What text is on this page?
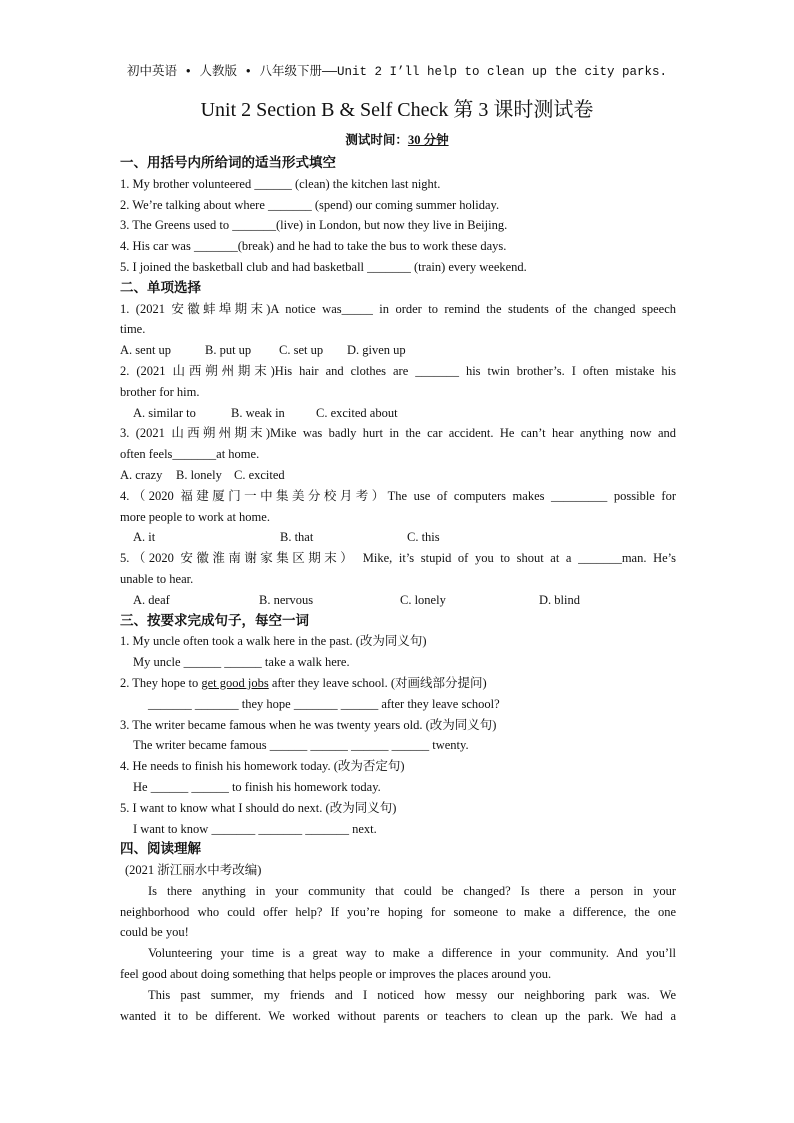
初中英语 • 人教版 • 八年级下册——Unit 2 I’ll help to clean up the city parks.
Unit 2 Section B & Self Check 第 3 课时测试卷
测试时间：30 分钟
一、用括号内所给词的适当形式填空
1. My brother volunteered ______ (clean) the kitchen last night.
2. We’re talking about where _______ (spend) our coming summer holiday.
3. The Greens used to _______(live) in London, but now they live in Beijing.
4. His car was _______(break) and he had to take the bus to work these days.
5. I joined the basketball club and had basketball _______ (train) every weekend.
二、单项选择
1. (2021 安徽蚌埠期末)A notice was_____ in order to remind the students of the changed speech
time.
A. sent up	B. put up	C. set up	D. given up
2. (2021 山西朔州期末)His hair and clothes are _______ his twin brother’s. I often mistake his
brother for him.
A. similar to	B. weak in	C. excited about
3. (2021 山西朔州期末)Mike was badly hurt in the car accident. He can’t hear anything now and
often feels_______at home.
A. crazy	B. lonely C. excited
4.（2020 福建厦门一中集美分校月考）The use of computers makes _________ possible for
more people to work at home.
A. it	B. that	C. this
5.（2020 安徽淮南谢家集区期末） Mike, it’s stupid of you to shout at a _______man. He’s
unable to hear.
A. deaf	B. nervous	C. lonely	D. blind
三、按要求完成句子，每空一词
1. My uncle often took a walk here in the past. (改为同义句)
My uncle ______ ______ take a walk here.
2. They hope to get good jobs after they leave school. (对画线部分提问)
_______ _______ they hope _______ ______ after they leave school?
3. The writer became famous when he was twenty years old. (改为同义句)
The writer became famous ______ ______ ______ ______ twenty.
4. He needs to finish his homework today. (改为否定句)
He ______ ______ to finish his homework today.
5. I want to know what I should do next. (改为同义句)
I want to know _______ _______ _______ next.
四、阅读理解
(2021 浙江丽水中考改编)
Is there anything in your community that could be changed? Is there a person in your
neighborhood who could offer help? If you’re hoping for someone to make a difference, the one
could be you!
Volunteering your time is a great way to make a difference in your community. And you’ll
feel good about doing something that helps people or improves the places around you.
This past summer, my friends and I noticed how messy our neighboring park was. We
wanted it to be different. We worked without parents or teachers to clean up the park. We had a
